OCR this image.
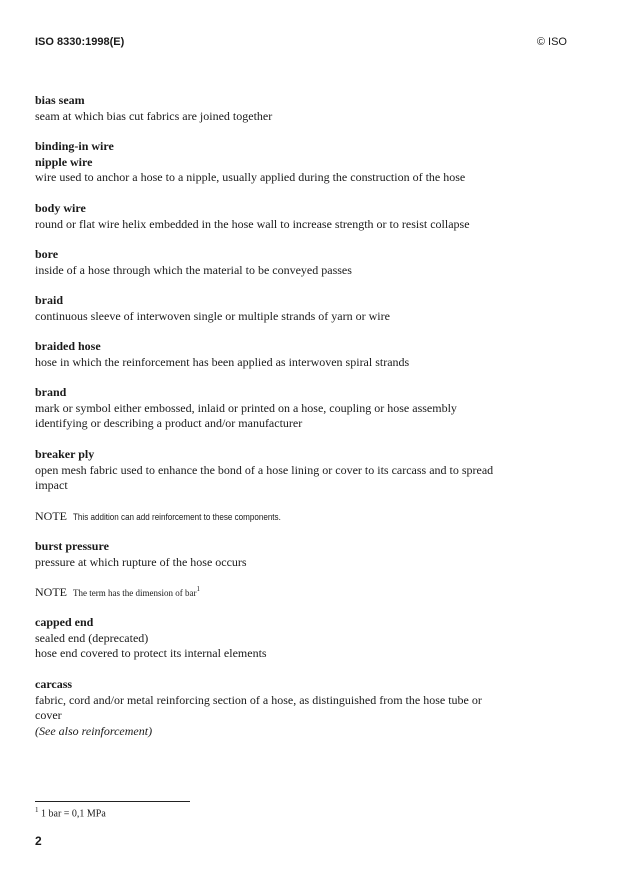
ISO 8330:1998(E)	© ISO
bias seam
seam at which bias cut fabrics are joined together
binding-in wire
nipple wire
wire used to anchor a hose to a nipple, usually applied during the construction of the hose
body wire
round or flat wire helix embedded in the hose wall to increase strength or to resist collapse
bore
inside of a hose through which the material to be conveyed passes
braid
continuous sleeve of interwoven single or multiple strands of yarn or wire
braided hose
hose in which the reinforcement has been applied as interwoven spiral strands
brand
mark or symbol either embossed, inlaid or printed on a hose, coupling or hose assembly
identifying or describing a product and/or manufacturer
breaker ply
open mesh fabric used to enhance the bond of a hose lining or cover to its carcass and to spread
impact
NOTE This addition can add reinforcement to these components.
burst pressure
pressure at which rupture of the hose occurs
NOTE The term has the dimension of bar$^1$
capped end
sealed end (deprecated)
hose end covered to protect its internal elements
carcass
fabric, cord and/or metal reinforcing section of a hose, as distinguished from the hose tube or
cover
(See also reinforcement)
$^1$ 1 bar = 0,1 MPa
2
